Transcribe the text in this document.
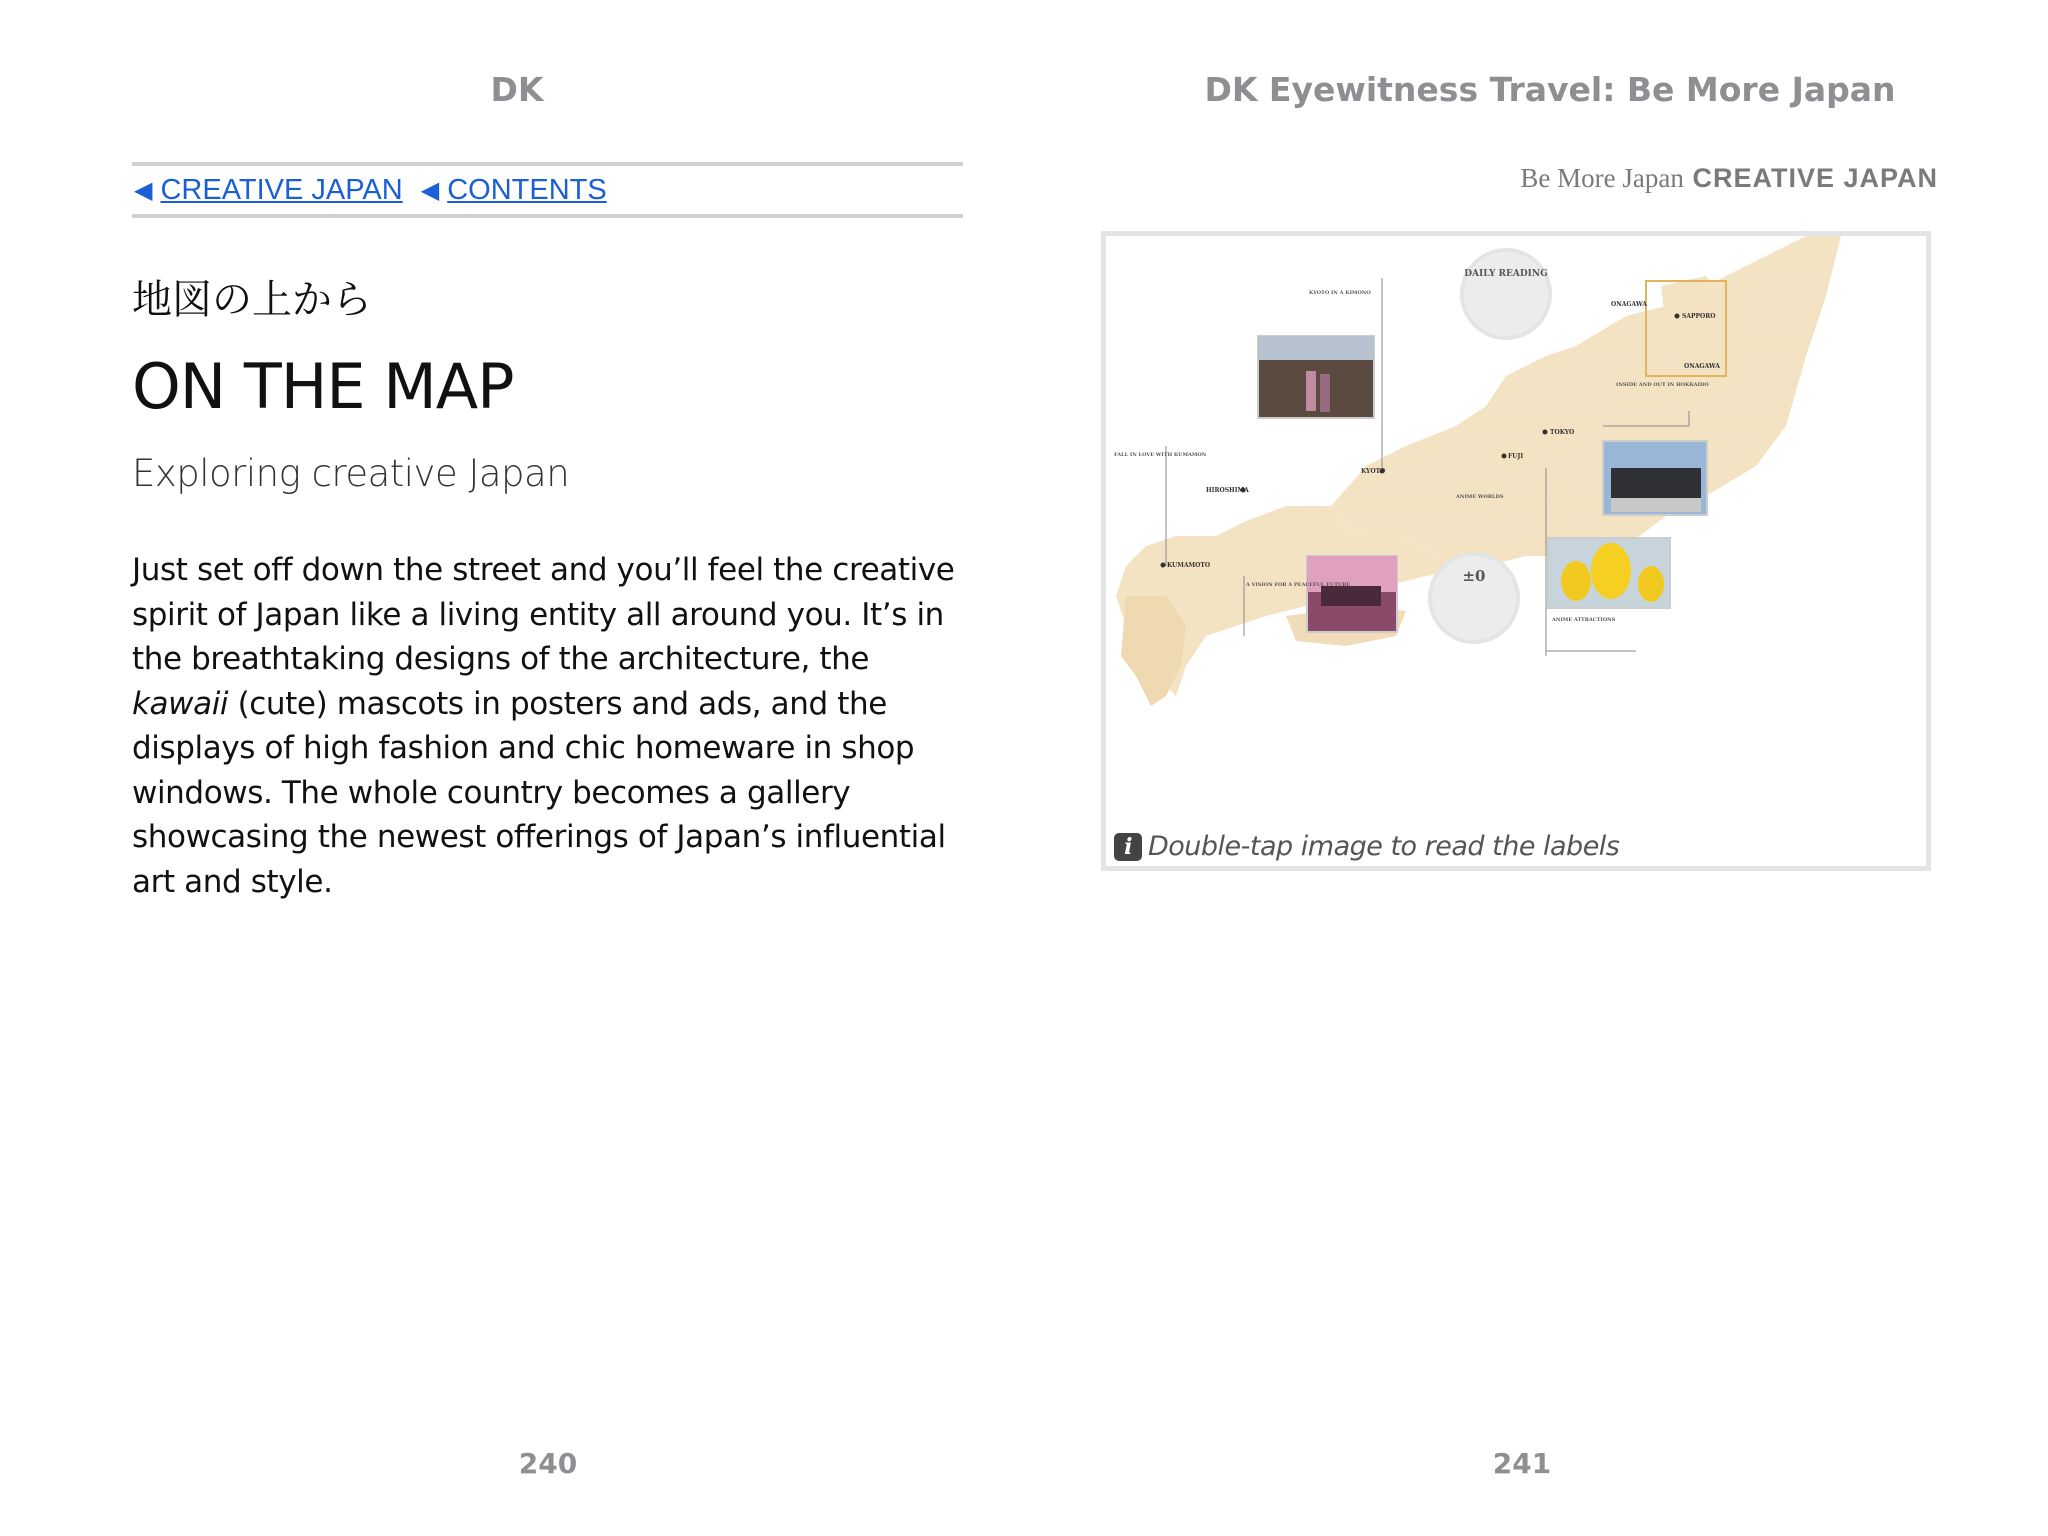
DK	DK Eyewitness Travel: Be More Japan
◀ CREATIVE JAPAN ◀ CONTENTS
地図の上から
ON THE MAP
Exploring creative Japan
Just set off down the street and you’ll feel the creative spirit of Japan like a living entity all around you. It’s in the breathtaking designs of the architecture, the kawaii (cute) mascots in posters and ads, and the displays of high fashion and chic homeware in shop windows. The whole country becomes a gallery showcasing the newest offerings of Japan’s influential art and style.
Be More Japan CREATIVE JAPAN
DAILY READING
±0
KYOTO
HIROSHIMA
KUMAMOTO
TOKYO
FUJI
SAPPORO
ONAGAWA
ONAGAWA
KYOTO IN A KIMONO
FALL IN LOVE WITH KUMAMON
ANIME WORLDS
INSIDE AND OUT IN HOKKAIDO
A VISION FOR A PEACEFUL FUTURE
ANIME ATTRACTIONS
i Double-tap image to read the labels
240	241
